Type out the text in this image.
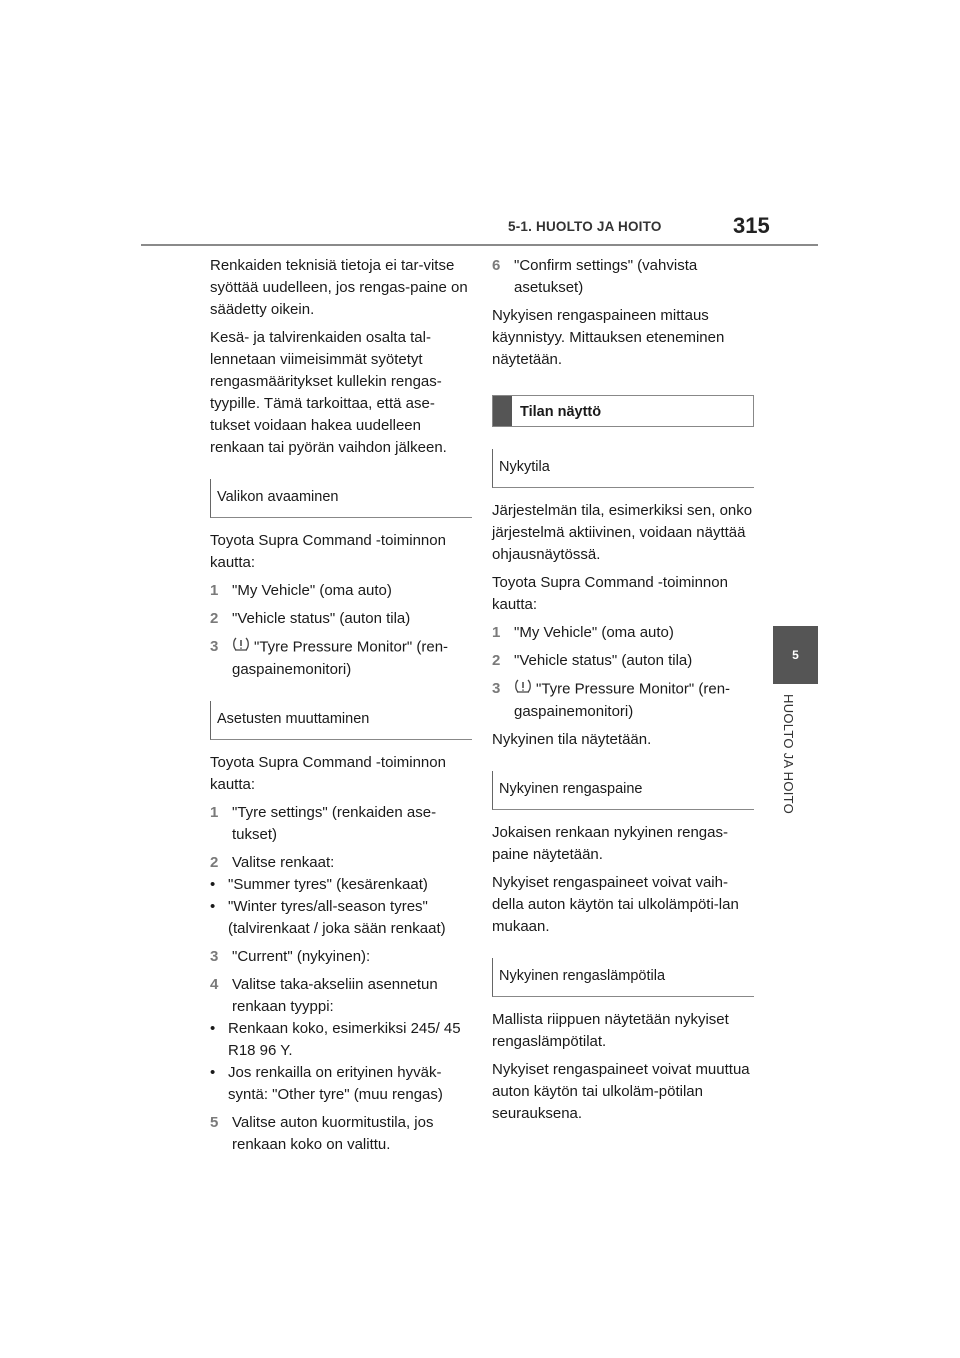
5-1. HUOLTO JA HOITO	315
5
HUOLTO JA HOITO

Renkaiden teknisiä tietoja ei tar-vitse syöttää uudelleen, jos rengas-paine on säädetty oikein.

Kesä- ja talvirenkaiden osalta tal-lennetaan viimeisimmät syötetyt rengasmääritykset kullekin rengas-tyypille. Tämä tarkoittaa, että ase-tukset voidaan hakea uudelleen renkaan tai pyörän vaihdon jälkeen.

Valikon avaaminen

Toyota Supra Command -toiminnon kautta:

1 "My Vehicle" (oma auto)
2 "Vehicle status" (auton tila)
3	"Tyre Pressure Monitor" (ren-gaspainemonitori)
Asetusten muuttaminen

Toyota Supra Command -toiminnon kautta:

1 "Tyre settings" (renkaiden ase-tukset)
2 Valitse renkaat:
• "Summer tyres" (kesärenkaat)
• "Winter tyres/all-season tyres" (talvirenkaat / joka sään renkaat)
3 "Current" (nykyinen):
4 Valitse taka-akseliin asennetun renkaan tyyppi:
• Renkaan koko, esimerkiksi 245/ 45 R18 96 Y.
• Jos renkailla on erityinen hyväk-syntä: "Other tyre" (muu rengas)
5 Valitse auton kuormitustila, jos renkaan koko on valittu.
6 "Confirm settings" (vahvista asetukset)

Nykyisen rengaspaineen mittaus käynnistyy. Mittauksen eteneminen näytetään.

Tilan näyttö
Nykytila

Järjestelmän tila, esimerkiksi sen, onko järjestelmä aktiivinen, voidaan näyttää ohjausnäytössä.

Toyota Supra Command -toiminnon kautta:

1 "My Vehicle" (oma auto)
2 "Vehicle status" (auton tila)
3	"Tyre Pressure Monitor" (ren-gaspainemonitori)

Nykyinen tila näytetään.

Nykyinen rengaspaine

Jokaisen renkaan nykyinen rengas-paine näytetään.

Nykyiset rengaspaineet voivat vaih-della auton käytön tai ulkolämpöti-lan mukaan.

Nykyinen rengaslämpötila

Mallista riippuen näytetään nykyiset rengaslämpötilat.

Nykyiset rengaspaineet voivat muuttua auton käytön tai ulkoläm-pötilan seurauksena.
